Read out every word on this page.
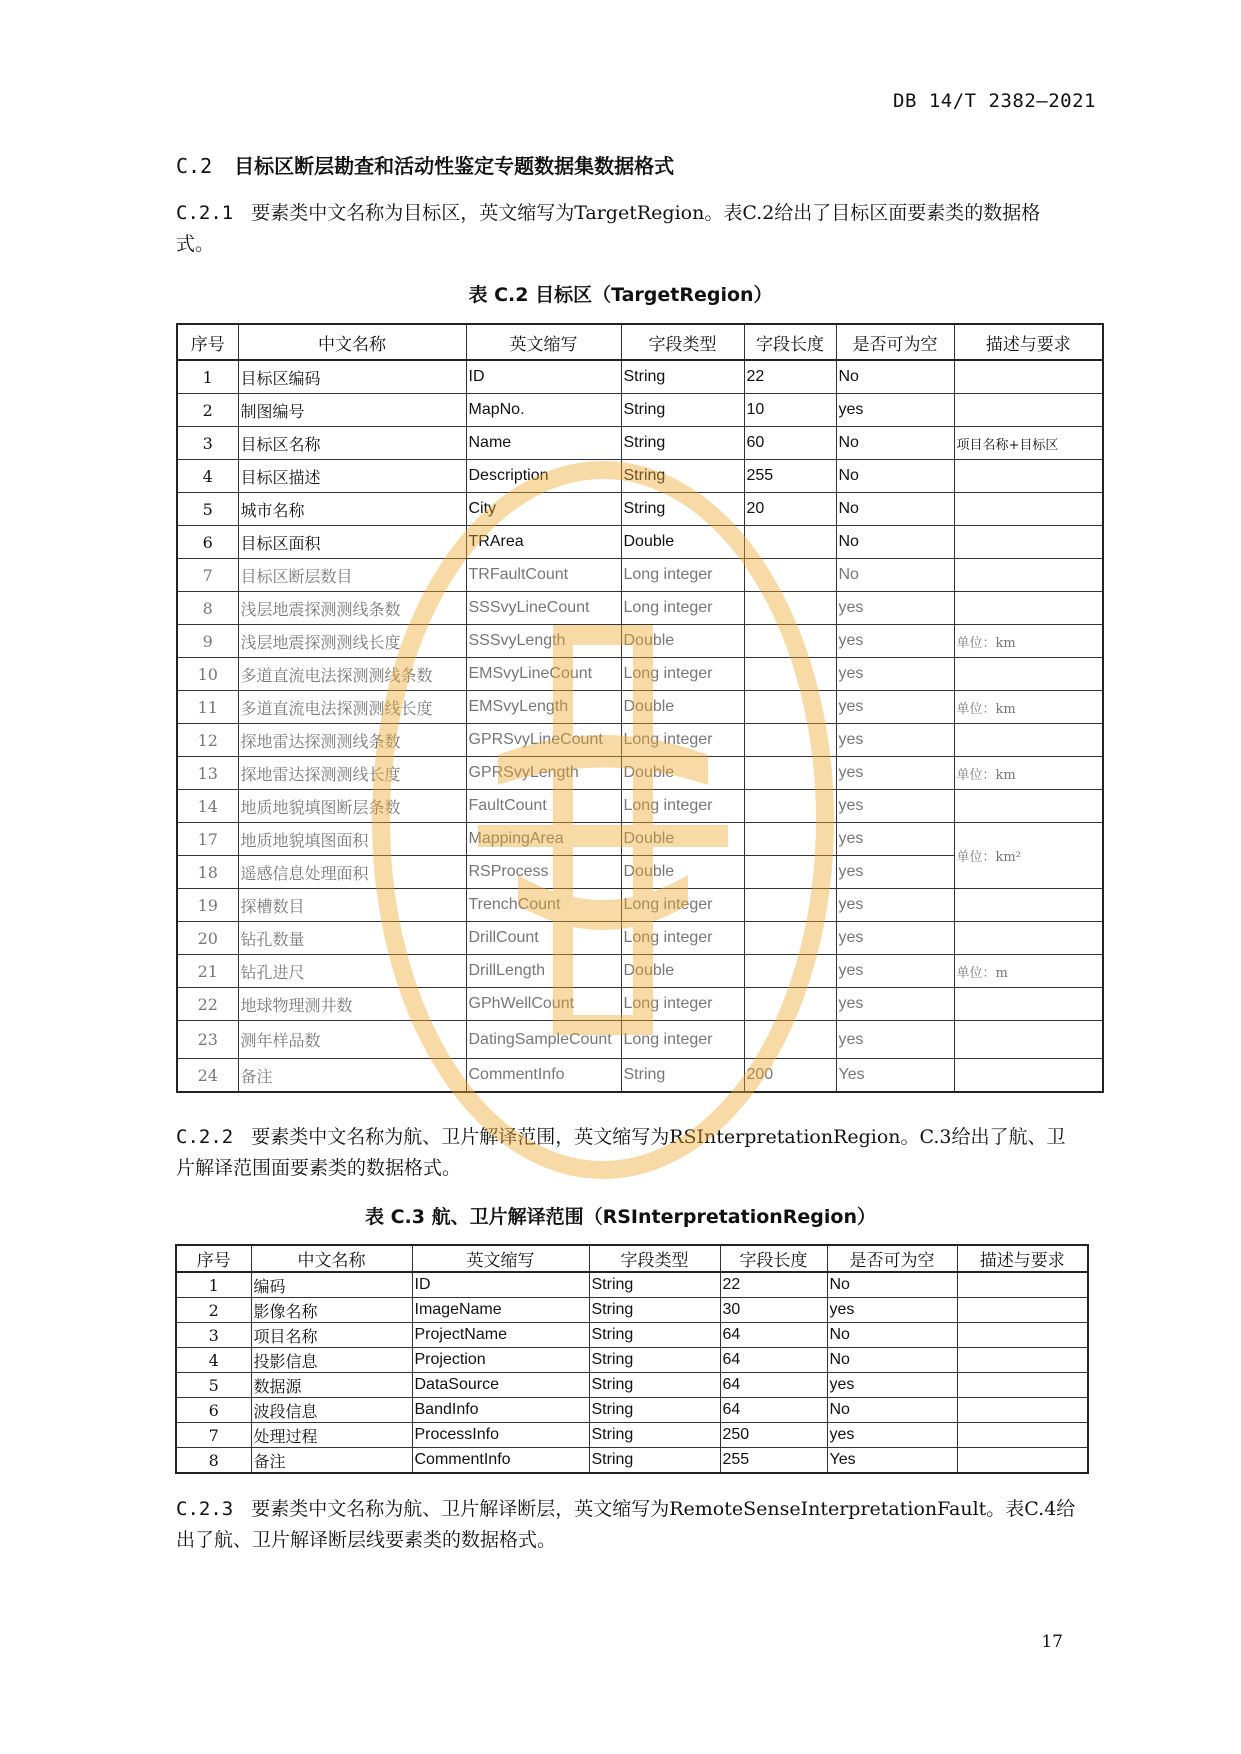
DB 14/T 2382—2021
C.2 目标区断层勘查和活动性鉴定专题数据集数据格式
C.2.1 要素类中文名称为目标区，英文缩写为TargetRegion。表C.2给出了目标区面要素类的数据格式。
表 C.2 目标区（TargetRegion）
序号	中文名称	英文缩写	字段类型	字段长度	是否可为空	描述与要求
1	目标区编码	ID	String	22	No	
2	制图编号	MapNo.	String	10	yes	
3	目标区名称	Name	String	60	No	项目名称+目标区
4	目标区描述	Description	String	255	No	
5	城市名称	City	String	20	No	
6	目标区面积	TRArea	Double		No	
7	目标区断层数目	TRFaultCount	Long integer		No	
8	浅层地震探测测线条数	SSSvyLineCount	Long integer		yes	
9	浅层地震探测测线长度	SSSvyLength	Double		yes	单位：km
10	多道直流电法探测测线条数	EMSvyLineCount	Long integer		yes	
11	多道直流电法探测测线长度	EMSvyLength	Double		yes	单位：km
12	探地雷达探测测线条数	GPRSvyLineCount	Long integer		yes	
13	探地雷达探测测线长度	GPRSvyLength	Double		yes	单位：km
14	地质地貌填图断层条数	FaultCount	Long integer		yes	
17	地质地貌填图面积	MappingArea	Double		yes	单位：km²
18	遥感信息处理面积	RSProcess	Double		yes	
19	探槽数目	TrenchCount	Long integer		yes	
20	钻孔数量	DrillCount	Long integer		yes	
21	钻孔进尺	DrillLength	Double		yes	单位：m
22	地球物理测井数	GPhWellCount	Long integer		yes	
23	测年样品数	DatingSampleCount	Long integer		yes	
24	备注	CommentInfo	String	200	Yes	
C.2.2 要素类中文名称为航、卫片解译范围，英文缩写为RSInterpretationRegion。C.3给出了航、卫片解译范围面要素类的数据格式。
表 C.3 航、卫片解译范围（RSInterpretationRegion）
序号	中文名称	英文缩写	字段类型	字段长度	是否可为空	描述与要求
1	编码	ID	String	22	No	
2	影像名称	ImageName	String	30	yes	
3	项目名称	ProjectName	String	64	No	
4	投影信息	Projection	String	64	No	
5	数据源	DataSource	String	64	yes	
6	波段信息	BandInfo	String	64	No	
7	处理过程	ProcessInfo	String	250	yes	
8	备注	CommentInfo	String	255	Yes	
C.2.3 要素类中文名称为航、卫片解译断层，英文缩写为RemoteSenseInterpretationFault。表C.4给出了航、卫片解译断层线要素类的数据格式。
17
